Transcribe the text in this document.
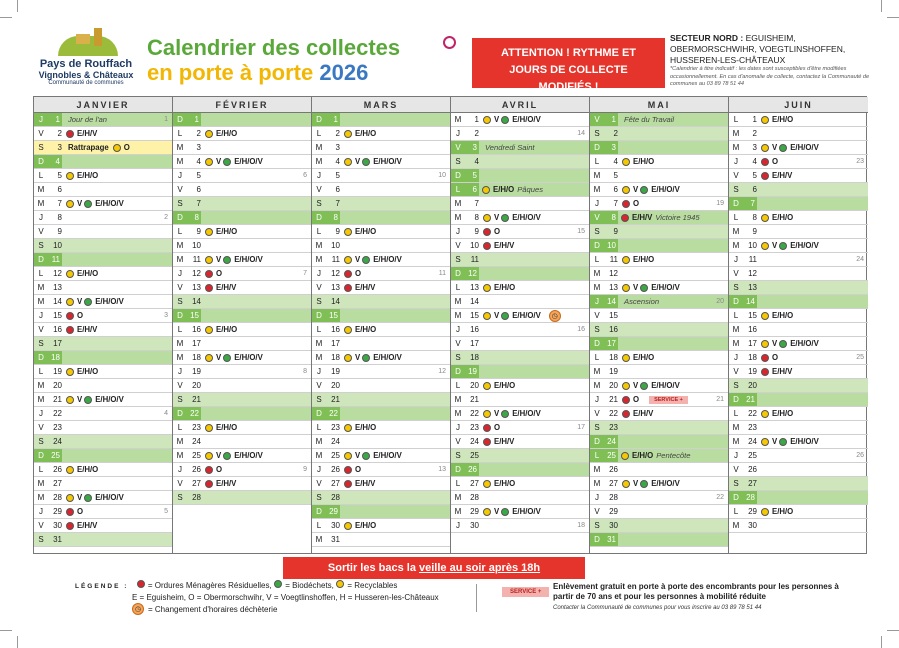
Pays de Rouffach
Vignobles & Châteaux
Communauté de communes
Calendrier des collectes
en porte à porte 2026
ATTENTION ! RYTHME ET JOURS DE COLLECTE MODIFIÉS !
SECTEUR NORD : EGUISHEIM, OBERMORSCHWIHR, VOEGTLINSHOFFEN, HUSSEREN-LES-CHÂTEAUX
*Calendrier à titre indicatif : les dates sont susceptibles d'être modifiées occasionnellement. En cas d'anomalie de collecte, contactez la Communauté de communes au 03 89 78 51 44
JANVIER
J	1 Jour de l'an	1
V	2 E/H/V
S	3 Rattrapage O
D	4
L	5 E/H/O
M	6
M	7 V E/H/O/V
J	8	2
V	9
S	10
D 11
L	12 E/H/O
M	13
M	14 V E/H/O/V
J	15 O	3
V	16 E/H/V
S	17
D 18
L	19 E/H/O
M	20
M	21 V E/H/O/V
J	22	4
V	23
S	24
D 25
L	26 E/H/O
M	27
M	28 V E/H/O/V
J	29 O	5
V	30 E/H/V
S	31
FÉVRIER
D	1
L	2 E/H/O
M	3
M	4 V E/H/O/V
J	5	6
V	6
S	7
D	8
L	9 E/H/O
M	10
M	11 V E/H/O/V
J	12 O	7
V	13 E/H/V
S	14
D 15
L	16 E/H/O
M	17
M	18 V E/H/O/V
J	19	8
V	20
S	21
D 22
L	23 E/H/O
M	24
M	25 V E/H/O/V
J	26 O	9
V	27 E/H/V
S	28
MARS
D	1
L	2 E/H/O
M	3
M	4 V E/H/O/V
J	5	10
V	6
S	7
D	8
L	9 E/H/O
M	10
M	11 V E/H/O/V
J	12 O	11
V	13 E/H/V
S	14
D 15
L	16 E/H/O
M	17
M	18 V E/H/O/V
J	19	12
V	20
S	21
D 22
L	23 E/H/O
M	24
M	25 V E/H/O/V
J	26 O	13
V	27 E/H/V
S	28
D 29
L	30 E/H/O
M	31
AVRIL
M	1 V E/H/O/V
J	2	14
V	3 Vendredi Saint
S	4
D	5
L	6 E/H/O Pâques
M	7
M	8 V E/H/O/V
J	9 O	15
V	10 E/H/V
S	11
D 12
L	13 E/H/O
M	14
M	15 V E/H/O/V	◷
J	16	16
V	17
S	18
D 19
L	20 E/H/O
M	21
M	22 V E/H/O/V
J	23 O	17
V	24 E/H/V
S	25
D 26
L	27 E/H/O
M	28
M	29 V E/H/O/V
J	30	18
MAI
V	1 Fête du Travail
S	2
D	3
L	4 E/H/O
M	5
M	6 V E/H/O/V
J	7 O	19
V	8 E/H/V Victoire 1945
S	9
D 10
L	11 E/H/O
M	12
M	13 V E/H/O/V
J	14 Ascension	20
V	15
S	16
D 17
L	18 E/H/O
M	19
M	20 V E/H/O/V
J	21 O	SERVICE +	21
V	22 E/H/V
S	23
D 24
L 25 E/H/O Pentecôte
M	26
M	27 V E/H/O/V
J	28	22
V	29
S	30
D 31
JUIN
L	1 E/H/O
M	2
M	3 V E/H/O/V
J	4 O	23
V	5 E/H/V
S	6
D	7
L	8 E/H/O
M	9
M	10 V E/H/O/V
J	11	24
V	12
S	13
D 14
L	15 E/H/O
M	16
M	17 V E/H/O/V
J	18 O	25
V	19 E/H/V
S	20
D 21
L	22 E/H/O
M	23
M	24 V E/H/O/V
J	25	26
V	26
S	27
D 28
L	29 E/H/O
M	30
Sortir les bacs la veille au soir après 18h
LÉGENDE : = Ordures Ménagères Résiduelles, = Biodéchets, = Recyclables
E = Eguisheim, O = Obermorschwihr, V = Voegtlinshoffen, H = Husseren-les-Châteaux
◷ = Changement d'horaires déchèterie
SERVICE +
Enlèvement gratuit en porte à porte des encombrants pour les personnes à partir de 70 ans et pour les personnes à mobilité réduite
Contacter la Communauté de communes pour vous inscrire au 03 89 78 51 44
